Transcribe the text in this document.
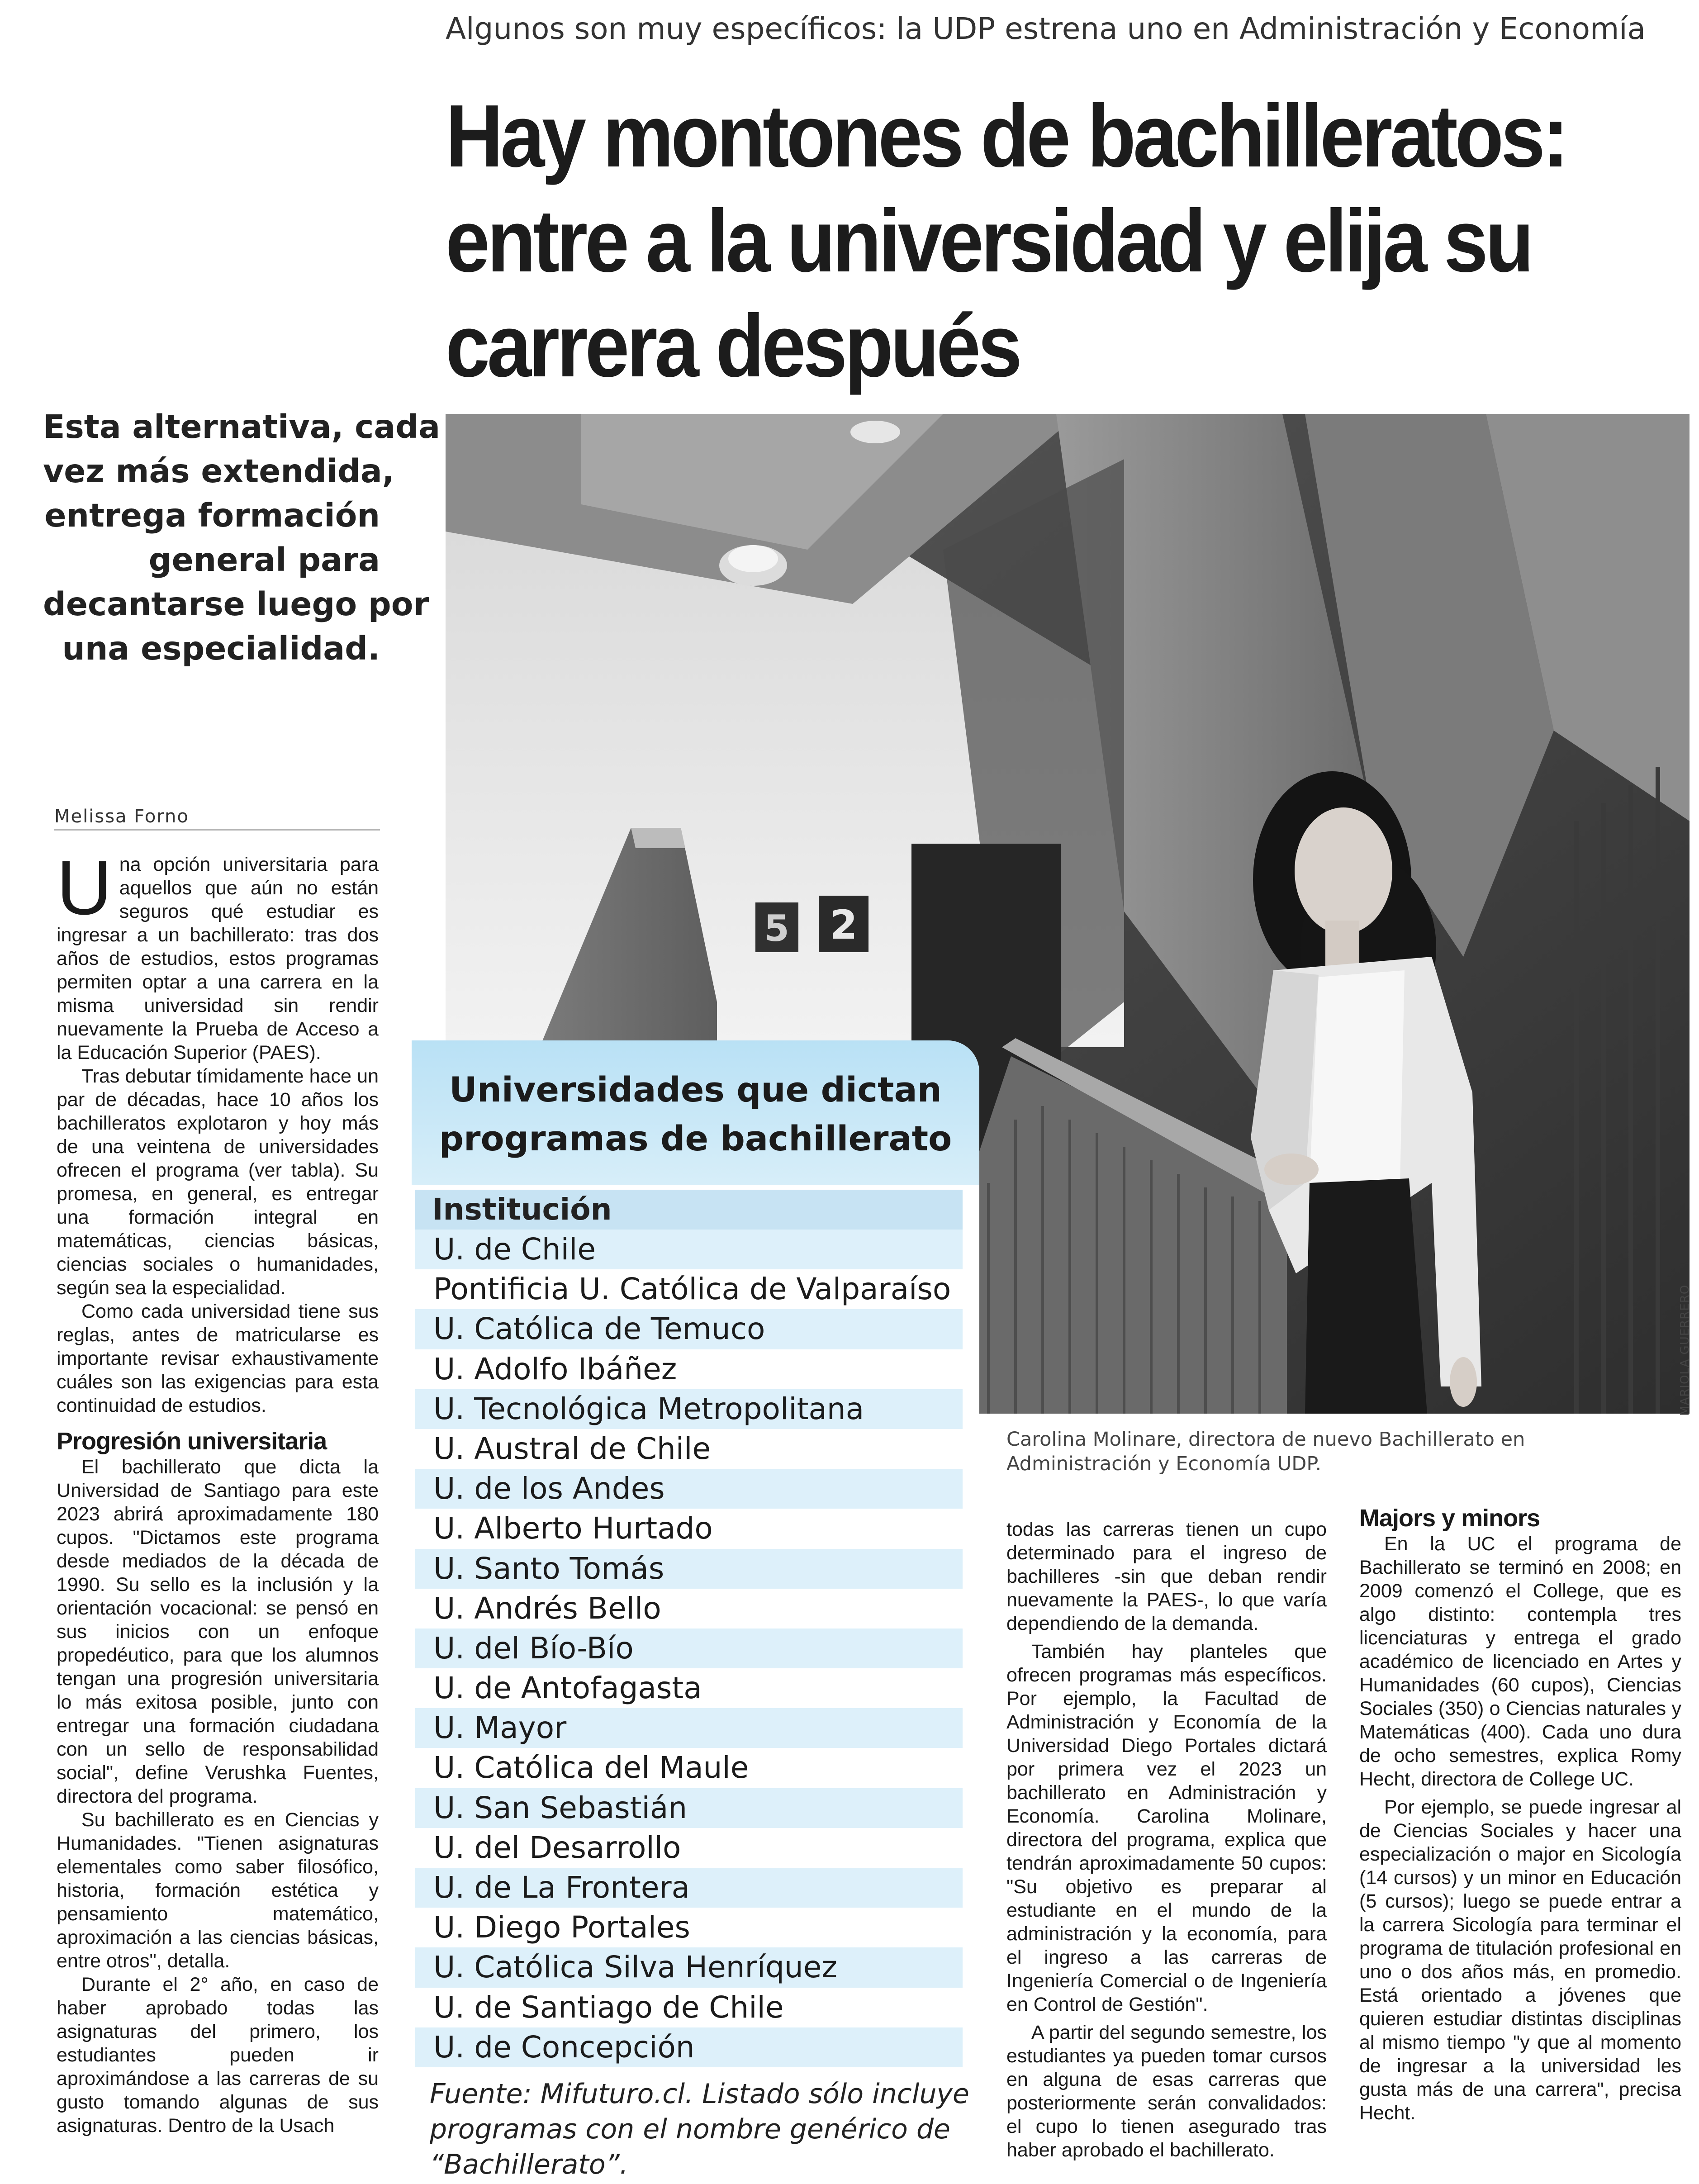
Algunos son muy específicos: la UDP estrena uno en Administración y Economía
Hay montones de bachilleratos:
entre a la universidad y elija su
carrera después
Esta alternativa, cada
vez más extendida,
entrega formación
general para
decantarse luego por
una especialidad.
Melissa Forno

Una opción universitaria para aquellos que aún no están seguros qué estudiar es ingresar a un bachillerato: tras dos años de estudios, estos programas permiten optar a una carrera en la misma universidad sin rendir nuevamente la Prueba de Acceso a la Educación Superior (PAES).

Tras debutar tímidamente hace un par de décadas, hace 10 años los bachilleratos explotaron y hoy más de una veintena de universidades ofrecen el programa (ver tabla). Su promesa, en general, es entregar una formación integral en matemáticas, ciencias básicas, ciencias sociales o humanidades, según sea la especialidad.

Como cada universidad tiene sus reglas, antes de matricularse es importante revisar exhaustivamente cuáles son las exigencias para esta continuidad de estudios.

Progresión universitaria

El bachillerato que dicta la Universidad de Santiago para este 2023 abrirá aproximadamente 180 cupos. "Dictamos este programa desde mediados de la década de 1990. Su sello es la inclusión y la orientación vocacional: se pensó en sus inicios con un enfoque propedéutico, para que los alumnos tengan una progresión universitaria lo más exitosa posible, junto con entregar una formación ciudadana con un sello de responsabilidad social", define Verushka Fuentes, directora del programa.

Su bachillerato es en Ciencias y Humanidades. "Tienen asignaturas elementales como saber filosófico, historia, formación estética y pensamiento matemático, aproximación a las ciencias básicas, entre otros", detalla.

Durante el 2° año, en caso de haber aprobado todas las asignaturas del primero, los estudiantes pueden ir aproximándose a las carreras de su gusto tomando algunas de sus asignaturas. Dentro de la Usach

5 2
Carolina Molinare, directora de nuevo Bachillerato en
Administración y Economía UDP.
MARIOLA GUERRERO
Universidades que dictan
programas de bachillerato
Institución
U. de Chile
Pontificia U. Católica de Valparaíso
U. Católica de Temuco
U. Adolfo Ibáñez
U. Tecnológica Metropolitana
U. Austral de Chile
U. de los Andes
U. Alberto Hurtado
U. Santo Tomás
U. Andrés Bello
U. del Bío-Bío
U. de Antofagasta
U. Mayor
U. Católica del Maule
U. San Sebastián
U. del Desarrollo
U. de La Frontera
U. Diego Portales
U. Católica Silva Henríquez
U. de Santiago de Chile
U. de Concepción
Fuente: Mifuturo.cl. Listado sólo incluye
programas con el nombre genérico de
“Bachillerato”.

todas las carreras tienen un cupo determinado para el ingreso de bachilleres -sin que deban rendir nuevamente la PAES-, lo que varía dependiendo de la demanda.

También hay planteles que ofrecen programas más específicos. Por ejemplo, la Facultad de Administración y Economía de la Universidad Diego Portales dictará por primera vez el 2023 un bachillerato en Administración y Economía. Carolina Molinare, directora del programa, explica que tendrán aproximadamente 50 cupos: "Su objetivo es preparar al estudiante en el mundo de la administración y la economía, para el ingreso a las carreras de Ingeniería Comercial o de Ingeniería en Control de Gestión".

A partir del segundo semestre, los estudiantes ya pueden tomar cursos en alguna de esas carreras que posteriormente serán convalidados: el cupo lo tienen asegurado tras haber aprobado el bachillerato.

Majors y minors

En la UC el programa de Bachillerato se terminó en 2008; en 2009 comenzó el College, que es algo distinto: contempla tres licenciaturas y entrega el grado académico de licenciado en Artes y Humanidades (60 cupos), Ciencias Sociales (350) o Ciencias naturales y Matemáticas (400). Cada uno dura de ocho semestres, explica Romy Hecht, directora de College UC.

Por ejemplo, se puede ingresar al de Ciencias Sociales y hacer una especialización o major en Sicología (14 cursos) y un minor en Educación (5 cursos); luego se puede entrar a la carrera Sicología para terminar el programa de titulación profesional en uno o dos años más, en promedio. Está orientado a jóvenes que quieren estudiar distintas disciplinas al mismo tiempo "y que al momento de ingresar a la universidad les gusta más de una carrera", precisa Hecht.
